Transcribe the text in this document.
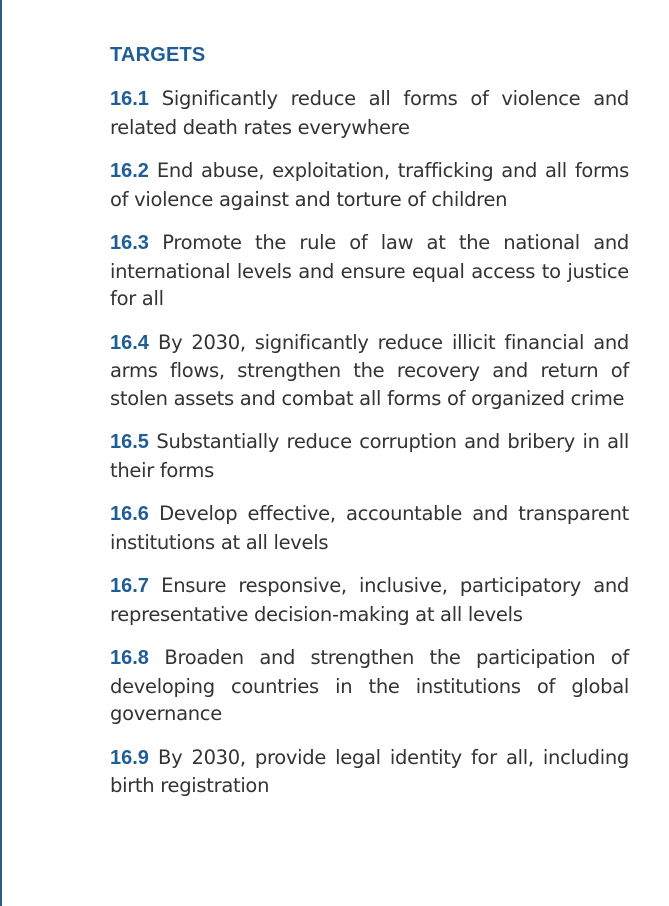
TARGETS

16.1 Significantly reduce all forms of violence and related death rates everywhere

16.2 End abuse, exploitation, trafficking and all forms of violence against and torture of children

16.3 Promote the rule of law at the national and international levels and ensure equal access to justice for all

16.4 By 2030, significantly reduce illicit financial and arms flows, strengthen the recovery and return of stolen assets and combat all forms of organized crime

16.5 Substantially reduce corruption and bribery in all their forms

16.6 Develop effective, accountable and transparent institutions at all levels

16.7 Ensure responsive, inclusive, participatory and representative decision-making at all levels

16.8 Broaden and strengthen the participation of developing countries in the institutions of global governance

16.9 By 2030, provide legal identity for all, including birth registration
